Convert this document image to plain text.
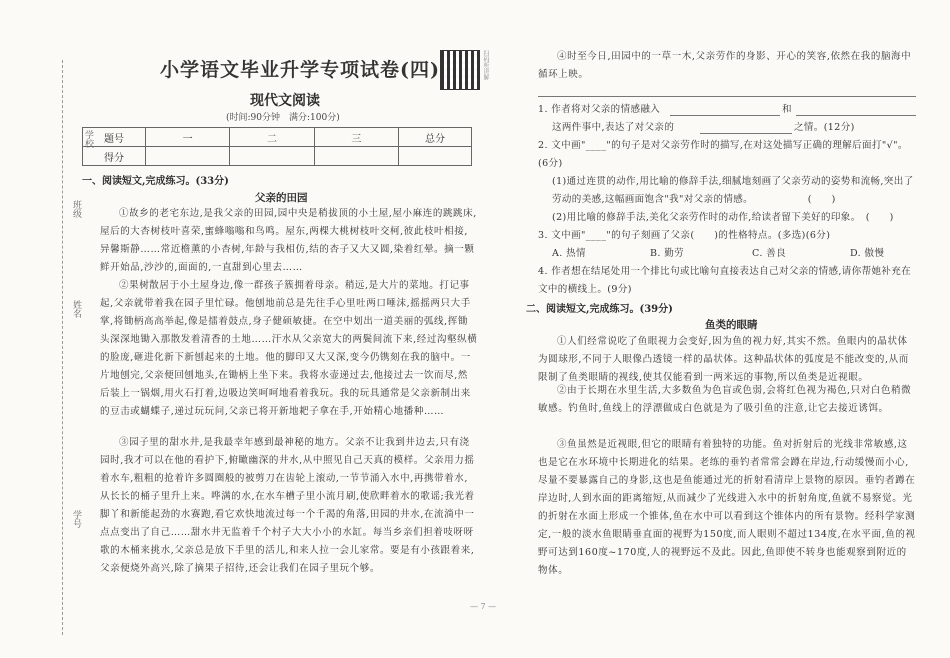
学校
班级
姓名
学号
小学语文毕业升学专项试卷(四)	扫码听讲解
现代文阅读
(时间:90分钟　满分:100分)
题号	一	二	三	总分
得分				
一、阅读短文,完成练习。(33分)
父亲的田园
①故乡的老宅东边,是我父亲的田园,园中央是稍拔顶的小土屋,屋小麻连的跳跳床,屋后的大杏树枝叶喜荣,蜜蜂嗡嗡和鸟鸣。屋东,两棵大桃树枝叶交柯,彼此枝叶相接,异馨斯静……常近檐薰的小杏树,年龄与我相仿,结的杏子又大又圆,染着红晕。摘一颗鲜开始品,沙沙的,面面的,一直甜到心里去……
②果树散居于小土屋身边,像一群孩子簇拥着母亲。稍远,是大片的菜地。打记事起,父亲就带着我在园子里忙碌。他刨地前总是先往手心里吐两口唾沫,摇摇两只大手掌,将锄柄高高举起,像是擂着鼓点,身子健硕敏捷。在空中划出一道美丽的弧线,挥锄头深深地锄入那散发着清香的土地……汗水从父亲宽大的两鬓间流下来,经过沟壑纵横的脸庞,砸进化新下新刨起来的土地。他的脚印又大又深,变今仍镌刻在我的脑中。一片地刨完,父亲便回刨地头,在锄柄上坐下来。我将水壶递过去,他接过去一饮而尽,然后装上一锅烟,用火石打着,边吸边笑呵呵地看着我玩。我的玩具通常是父亲新制出来的豆击或蝴蝶子,递过玩玩问,父亲已将开新地耙子拿在手,开始精心地播种……
③园子里的甜水井,是我最幸年感到最神秘的地方。父亲不让我到井边去,只有浇园时,我才可以在他的看护下,俯瞰幽深的井水,从中照见自己天真的模样。父亲用力摇着水车,粗粗的抢着许多圆圈般的被剪刀在齿轮上滚动,一节节涌入水中,再携带着水,从长长的桶子里升上来。哗满的水,在水车槽子里小流月刷,使欣畔着水的歌谣;我光着脚丫和新能起劲的水赛跑,看它欢快地流过每一个千渴的角落,田园的井水,在流淌中一点点变出了自己……甜水井无监着千个村子大大小小的水缸。每当乡亲们担着吱呀呀歌的木桶来挑水,父亲总是放下手里的活儿,和来人拉一会儿家常。要是有小孩跟着来,父亲便烧外高兴,除了摘果子招待,还会让我们在园子里玩个够。
④时至今日,田园中的一草一木,父亲劳作的身影、开心的笑容,依然在我的脑海中循环上映。
1. 作者将对父亲的情感融入	和
这两件事中,表达了对父亲的	之情。(12分)
2. 文中画"____"的句子是对父亲劳作时的描写,在对这处描写正确的理解后面打"√"。(6分)
(1)通过连贯的动作,用比喻的修辞手法,细腻地刻画了父亲劳动的姿势和流畅,突出了劳动的美感,这幅画面饱含"我"对父亲的情感。　　　　　　(　　)
(2)用比喻的修辞手法,美化父亲劳作时的动作,给读者留下美好的印象。　(　　)
3. 文中画"____"的句子刻画了父亲(　　)的性格特点。(多选)(6分)
A. 热情	B. 勤劳	C. 善良	D. 傲慢
4. 作者想在结尾处用一个排比句或比喻句直接表达自己对父亲的情感,请你帮她补充在文中的横线上。(9分)
二、阅读短文,完成练习。(39分)
鱼类的眼睛
①人们经常说吃了鱼眼视力会变好,因为鱼的视力好,其实不然。鱼眼内的晶状体为圆球形,不同于人眼像凸透镜一样的晶状体。这种晶状体的弧度是不能改变的,从而限制了鱼类眼睛的视线,使其仅能看到一两米远的事物,所以鱼类是近视眼。
②由于长期在水里生活,大多数鱼为色盲或色弱,会将红色视为褐色,只对白色稍微敏感。钓鱼时,鱼线上的浮漂做成白色就是为了吸引鱼的注意,让它去接近诱饵。
③鱼虽然是近视眼,但它的眼睛有着独特的功能。鱼对折射后的光线非常敏感,这也是它在水环境中长期进化的结果。老练的垂钓者常常会蹲在岸边,行动缓慢而小心,尽量不要暴露自己的身影,这也是鱼能通过光的折射看清岸上景物的原因。垂钓者蹲在岸边时,人到水面的距离缩短,从而减少了光线进入水中的折射角度,鱼就不易察觉。光的折射在水面上形成一个锥体,鱼在水中可以看到这个锥体内的所有景物。经科学家测定,一般的淡水鱼眼睛垂直面的视野为150度,而人眼则不超过134度,在水平面,鱼的视野可达到160度~170度,人的视野远不及此。因此,鱼即使不转身也能观察到附近的物体。
— 7 —
